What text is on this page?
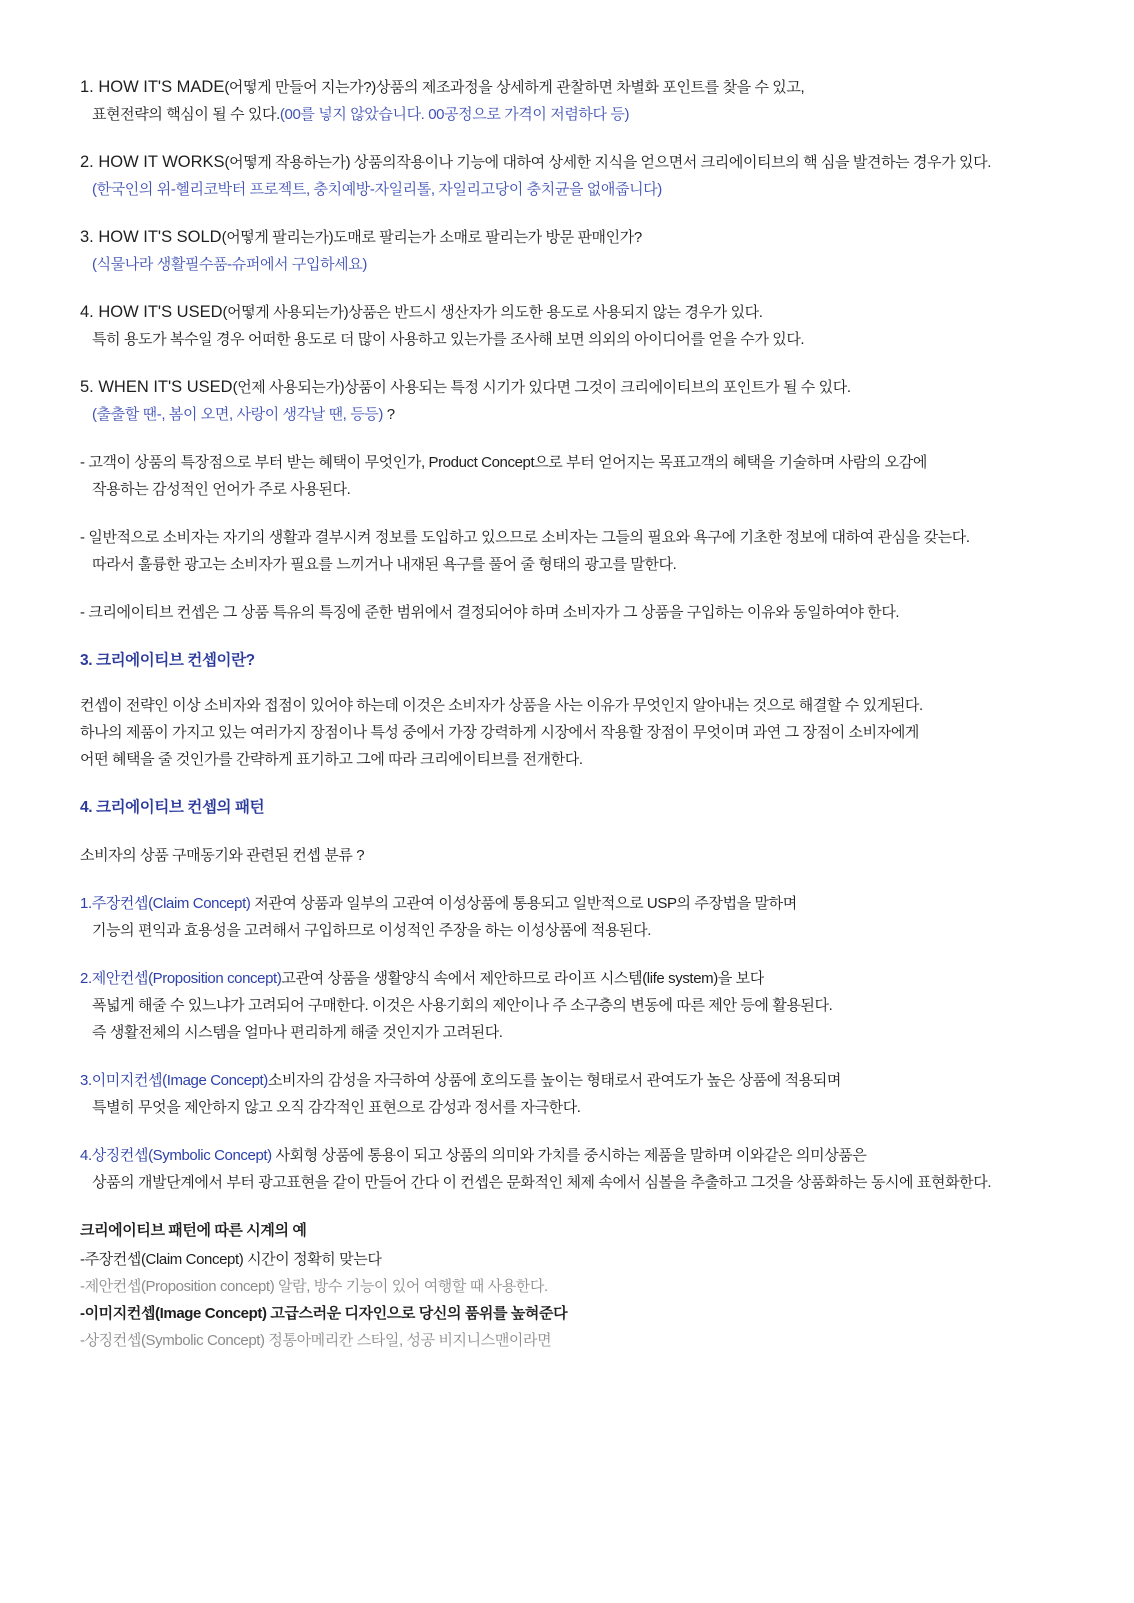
1. HOW IT'S MADE(어떻게 만들어 지는가?)상품의 제조과정을 상세하게 관찰하면 차별화 포인트를 찾을 수 있고,
표현전략의 핵심이 될 수 있다.(00를 넣지 않았습니다. 00공정으로 가격이 저렴하다 등)
2. HOW IT WORKS(어떻게 작용하는가) 상품의작용이나 기능에 대하여 상세한 지식을 얻으면서 크리에이티브의 핵 심을 발견하는 경우가 있다.
(한국인의 위-헬리코박터 프로젝트, 충치예방-자일리톨, 자일리고당이 충치균을 없애줍니다)
3. HOW IT'S SOLD(어떻게 팔리는가)도매로 팔리는가 소매로 팔리는가 방문 판매인가?
(식물나라 생활필수품-슈퍼에서 구입하세요)
4. HOW IT'S USED(어떻게 사용되는가)상품은 반드시 생산자가 의도한 용도로 사용되지 않는 경우가 있다.
특히 용도가 복수일 경우 어떠한 용도로 더 많이 사용하고 있는가를 조사해 보면 의외의 아이디어를 얻을 수가 있다.
5. WHEN IT'S USED(언제 사용되는가)상품이 사용되는 특정 시기가 있다면 그것이 크리에이티브의 포인트가 될 수 있다.
(출출할 땐-, 봄이 오면, 사랑이 생각날 땐, 등등) ?
- 고객이 상품의 특장점으로 부터 받는 혜택이 무엇인가, Product Concept으로 부터 얻어지는 목표고객의 혜택을 기술하며 사람의 오감에
작용하는 감성적인 언어가 주로 사용된다.
- 일반적으로 소비자는 자기의 생활과 결부시켜 정보를 도입하고 있으므로 소비자는 그들의 필요와 욕구에 기초한 정보에 대하여 관심을 갖는다.
따라서 훌륭한 광고는 소비자가 필요를 느끼거나 내재된 욕구를 풀어 줄 형태의 광고를 말한다.
- 크리에이티브 컨셉은 그 상품 특유의 특징에 준한 범위에서 결정되어야 하며 소비자가 그 상품을 구입하는 이유와 동일하여야 한다.
3. 크리에이티브 컨셉이란?
컨셉이 전략인 이상 소비자와 접점이 있어야 하는데 이것은 소비자가 상품을 사는 이유가 무엇인지 알아내는 것으로 해결할 수 있게된다.
하나의 제품이 가지고 있는 여러가지 장점이나 특성 중에서 가장 강력하게 시장에서 작용할 장점이 무엇이며 과연 그 장점이 소비자에게
어떤 혜택을 줄 것인가를 간략하게 표기하고 그에 따라 크리에이티브를 전개한다.
4. 크리에이티브 컨셉의 패턴
소비자의 상품 구매동기와 관련된 컨셉 분류 ?
1.주장컨셉(Claim Concept) 저관여 상품과 일부의 고관여 이성상품에 통용되고 일반적으로 USP의 주장법을 말하며
기능의 편익과 효용성을 고려해서 구입하므로 이성적인 주장을 하는 이성상품에 적용된다.
2.제안컨셉(Proposition concept)고관여 상품을 생활양식 속에서 제안하므로 라이프 시스템(life system)을 보다
폭넓게 해줄 수 있느냐가 고려되어 구매한다. 이것은 사용기회의 제안이나 주 소구층의 변동에 따른 제안 등에 활용된다.
즉 생활전체의 시스템을 얼마나 편리하게 해줄 것인지가 고려된다.
3.이미지컨셉(Image Concept)소비자의 감성을 자극하여 상품에 호의도를 높이는 형태로서 관여도가 높은 상품에 적용되며
특별히 무엇을 제안하지 않고 오직 감각적인 표현으로 감성과 정서를 자극한다.
4.상징컨셉(Symbolic Concept) 사회형 상품에 통용이 되고 상품의 의미와 가치를 중시하는 제품을 말하며 이와같은 의미상품은
상품의 개발단계에서 부터 광고표현을 같이 만들어 간다 이 컨셉은 문화적인 체제 속에서 심볼을 추출하고 그것을 상품화하는 동시에 표현화한다.
크리에이티브 패턴에 따른 시계의 예
-주장컨셉(Claim Concept) 시간이 정확히 맞는다
-제안컨셉(Proposition concept) 알람, 방수 기능이 있어 여행할 때 사용한다.
-이미지컨셉(Image Concept) 고급스러운 디자인으로 당신의 품위를 높혀준다
-상징컨셉(Symbolic Concept) 정통아메리칸 스타일, 성공 비지니스맨이라면
